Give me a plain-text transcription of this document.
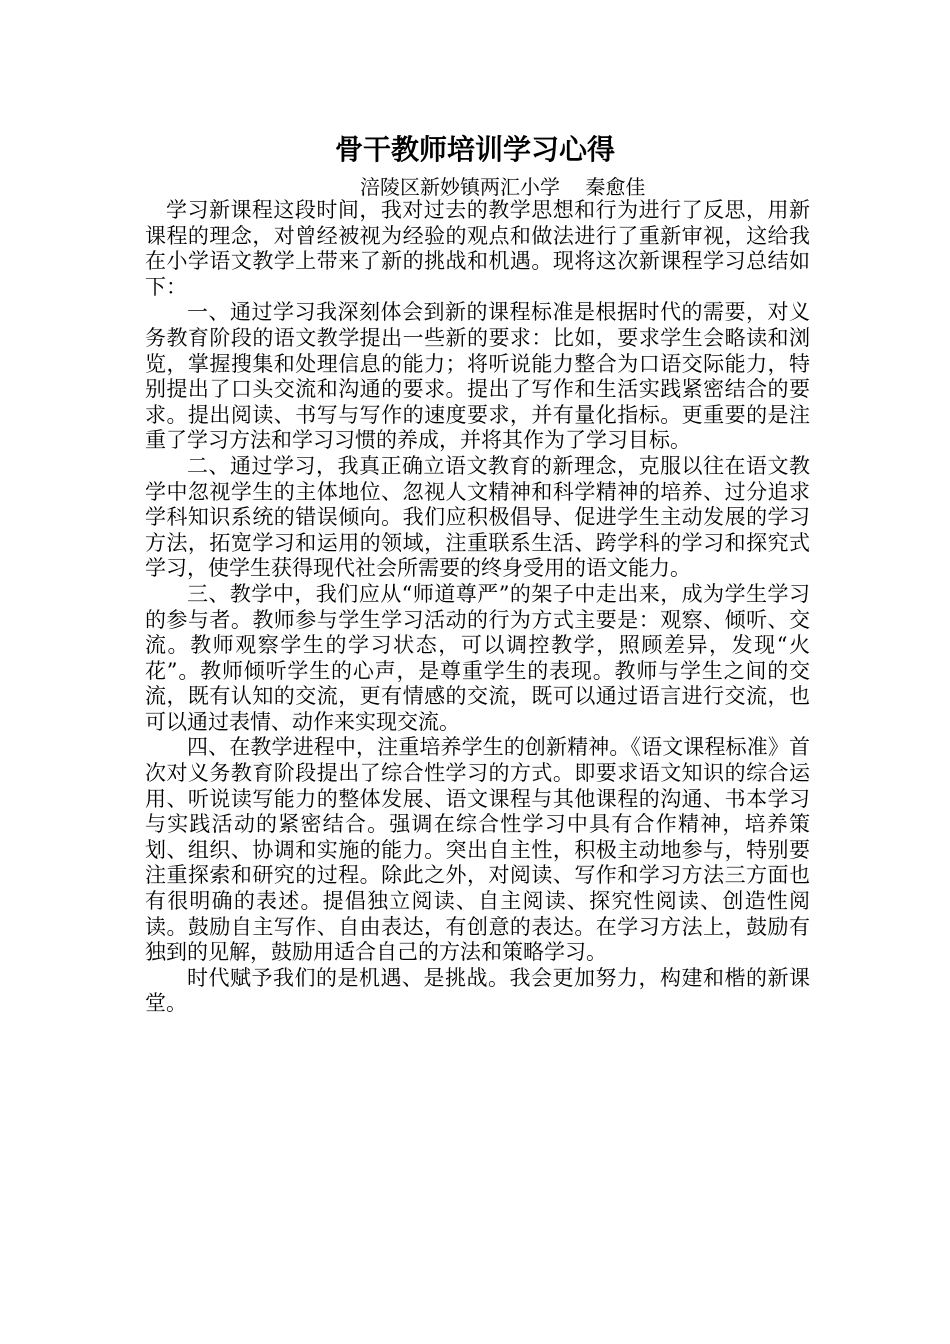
骨干教师培训学习心得
涪陵区新妙镇两汇小学    秦愈佳

学习新课程这段时间，我对过去的教学思想和行为进行了反思，用新课程的理念，对曾经被视为经验的观点和做法进行了重新审视，这给我在小学语文教学上带来了新的挑战和机遇。现将这次新课程学习总结如下：

一、通过学习我深刻体会到新的课程标准是根据时代的需要，对义务教育阶段的语文教学提出一些新的要求：比如，要求学生会略读和浏览，掌握搜集和处理信息的能力；将听说能力整合为口语交际能力，特别提出了口头交流和沟通的要求。提出了写作和生活实践紧密结合的要求。提出阅读、书写与写作的速度要求，并有量化指标。更重要的是注重了学习方法和学习习惯的养成，并将其作为了学习目标。

二、通过学习，我真正确立语文教育的新理念，克服以往在语文教学中忽视学生的主体地位、忽视人文精神和科学精神的培养、过分追求学科知识系统的错误倾向。我们应积极倡导、促进学生主动发展的学习方法，拓宽学习和运用的领域，注重联系生活、跨学科的学习和探究式学习，使学生获得现代社会所需要的终身受用的语文能力。

三、教学中，我们应从“师道尊严”的架子中走出来，成为学生学习的参与者。教师参与学生学习活动的行为方式主要是：观察、倾听、交流。教师观察学生的学习状态，可以调控教学，照顾差异，发现“火花”。教师倾听学生的心声，是尊重学生的表现。教师与学生之间的交流，既有认知的交流，更有情感的交流，既可以通过语言进行交流，也可以通过表情、动作来实现交流。

四、在教学进程中，注重培养学生的创新精神。《语文课程标准》首次对义务教育阶段提出了综合性学习的方式。即要求语文知识的综合运用、听说读写能力的整体发展、语文课程与其他课程的沟通、书本学习与实践活动的紧密结合。强调在综合性学习中具有合作精神，培养策划、组织、协调和实施的能力。突出自主性，积极主动地参与，特别要注重探索和研究的过程。除此之外，对阅读、写作和学习方法三方面也有很明确的表述。提倡独立阅读、自主阅读、探究性阅读、创造性阅读。鼓励自主写作、自由表达，有创意的表达。在学习方法上，鼓励有独到的见解，鼓励用适合自己的方法和策略学习。

时代赋予我们的是机遇、是挑战。我会更加努力，构建和楷的新课堂。
